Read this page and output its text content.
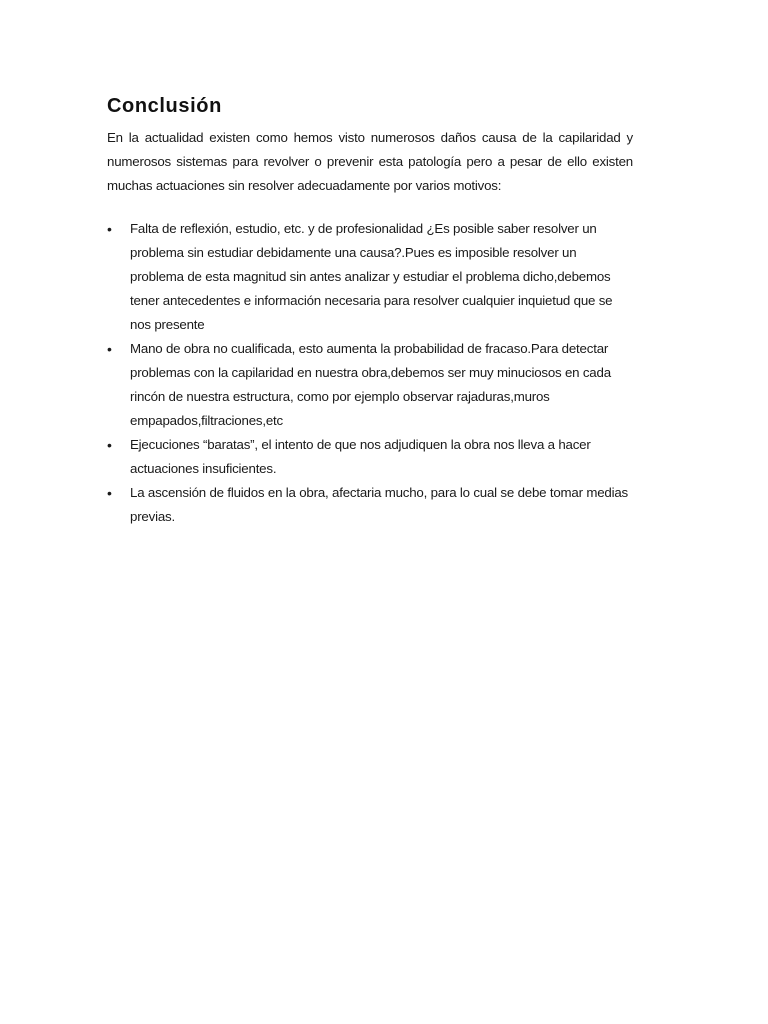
Conclusión

En la actualidad existen como hemos visto numerosos daños causa de la capilaridad y numerosos sistemas para revolver o prevenir esta patología pero a pesar de ello existen muchas actuaciones sin resolver adecuadamente por varios motivos:

•	Falta de reflexión, estudio, etc. y de profesionalidad ¿Es posible saber resolver un problema sin estudiar debidamente una causa?.Pues es imposible resolver un problema de esta magnitud sin antes analizar y estudiar el problema dicho,debemos tener antecedentes e información necesaria para resolver cualquier inquietud que se nos presente
•	Mano de obra no cualificada, esto aumenta la probabilidad de fracaso.Para detectar problemas con la capilaridad en nuestra obra,debemos ser muy minuciosos en cada rincón de nuestra estructura, como por ejemplo observar rajaduras,muros empapados,filtraciones,etc
•	Ejecuciones “baratas”, el intento de que nos adjudiquen la obra nos lleva a hacer actuaciones insuficientes.
•	La ascensión de fluidos en la obra, afectaria mucho, para lo cual se debe tomar medias previas.
